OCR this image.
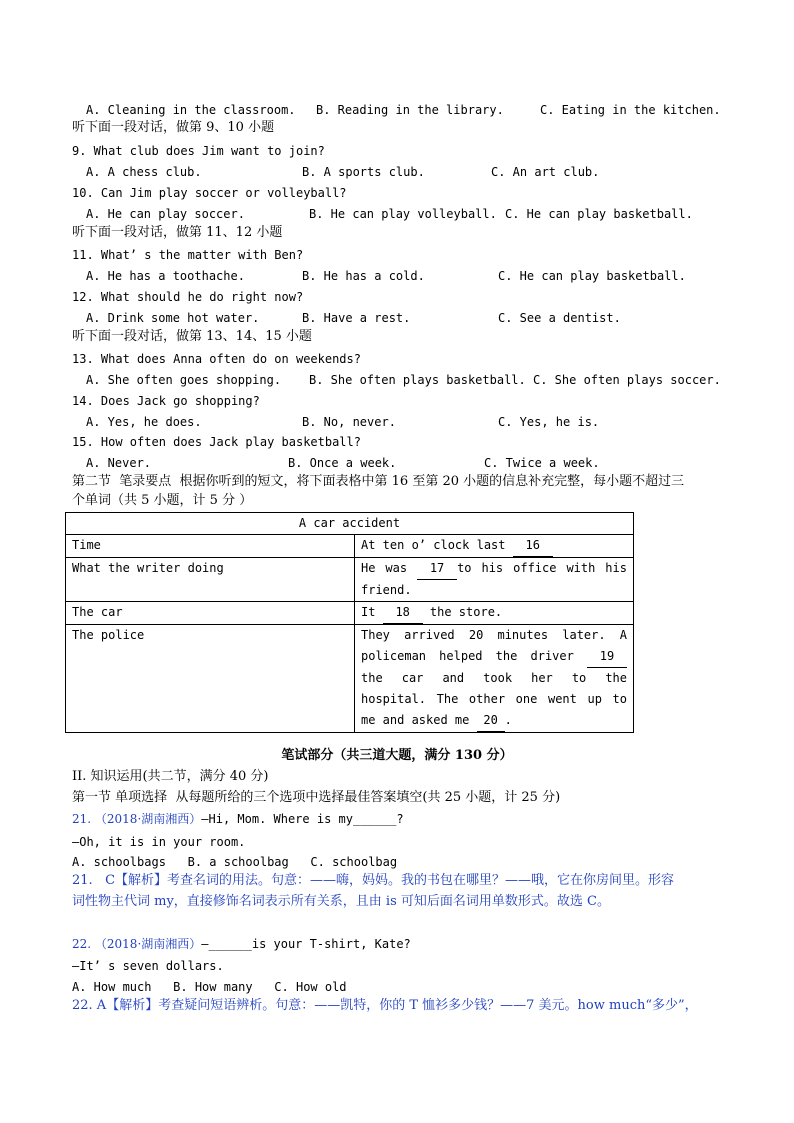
A. Cleaning in the classroom. B. Reading in the library.	C. Eating in the kitchen.
听下面一段对话，做第 9、10 小题
9. What club does Jim want to join?
A. A chess club.	B. A sports club.	C. An art club.
10. Can Jim play soccer or volleyball?
A. He can play soccer.	B. He can play volleyball. C. He can play basketball.
听下面一段对话，做第 11、12 小题
11. What’ s the matter with Ben?
A. He has a toothache.	B. He has a cold.	C. He can play basketball.
12. What should he do right now?
A. Drink some hot water.	B. Have a rest.	C. See a dentist.
听下面一段对话，做第 13、14、15 小题
13. What does Anna often do on weekends?
A. She often goes shopping. B. She often plays basketball. C. She often plays soccer.
14. Does Jack go shopping?
A. Yes, he does.	B. No, never.	C. Yes, he is.
15. How often does Jack play basketball?
A. Never.	B. Once a week.	C. Twice a week.
第二节  笔录要点  根据你听到的短文，将下面表格中第 16 至第 20 小题的信息补充完整，每小题不超过三
个单词（共 5 小题，计 5 分 ）
A car accident	
Time	At ten o’ clock last 16
What the writer doing	He was 17 to his office with his friend.
The car	It 18 the store.
The police	They arrived 20 minutes later. A policeman helped the driver 19 the car and took her to the hospital. The other one went up to me and asked me 20 .
笔试部分（共三道大题，满分 130 分）
II. 知识运用(共二节，满分 40 分)
第一节 单项选择  从每题所给的三个选项中选择最佳答案填空(共 25 小题，计 25 分)
21. （2018·湖南湘西）—Hi, Mom. Where is my______?
—Oh, it is in your room.
A. schoolbags   B. a schoolbag   C. schoolbag
21.   C【解析】考查名词的用法。句意：——嗨，妈妈。我的书包在哪里？——哦，它在你房间里。形容
词性物主代词 my，直接修饰名词表示所有关系，且由 is 可知后面名词用单数形式。故选 C。
22. （2018·湖南湘西）—______is your T-shirt, Kate?
—It’ s seven dollars.
A. How much   B. How many   C. How old
22. A【解析】考查疑问短语辨析。句意：——凯特，你的 T 恤衫多少钱？——7 美元。how much“多少”，
